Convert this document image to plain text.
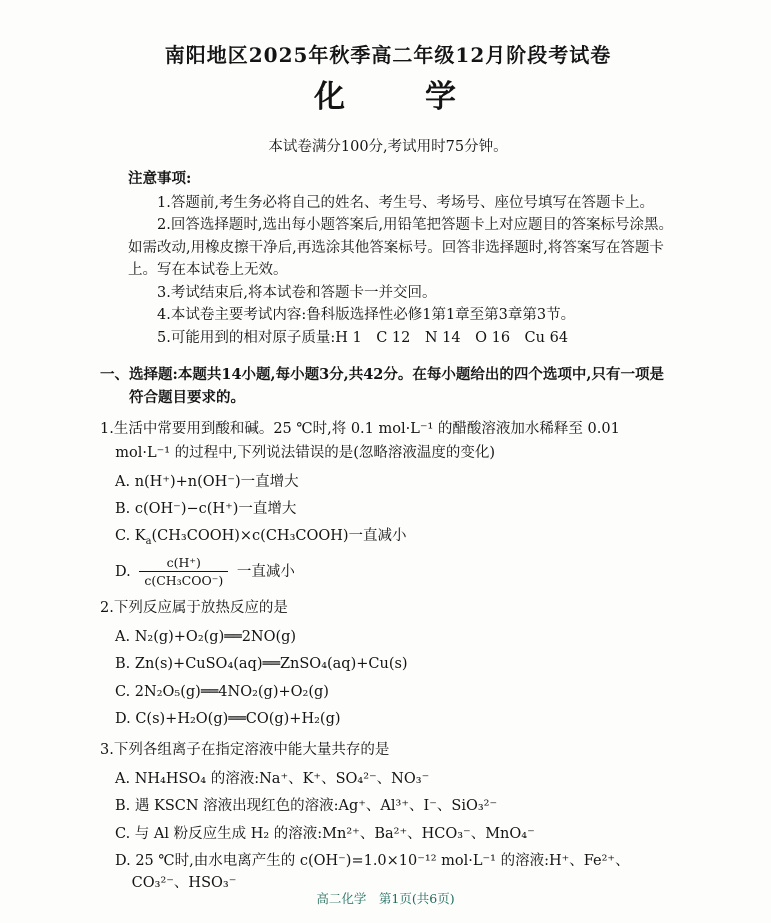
南阳地区2025年秋季高二年级12月阶段考试卷
化　　学

本试卷满分100分,考试用时75分钟。

注意事项:

1.答题前,考生务必将自己的姓名、考生号、考场号、座位号填写在答题卡上。

2.回答选择题时,选出每小题答案后,用铅笔把答题卡上对应题目的答案标号涂黑。如需改动,用橡皮擦干净后,再选涂其他答案标号。回答非选择题时,将答案写在答题卡上。写在本试卷上无效。

3.考试结束后,将本试卷和答题卡一并交回。

4.本试卷主要考试内容:鲁科版选择性必修1第1章至第3章第3节。

5.可能用到的相对原子质量:H 1　C 12　N 14　O 16　Cu 64

一、选择题:本题共14小题,每小题3分,共42分。在每小题给出的四个选项中,只有一项是符合题目要求的。

1.生活中常要用到酸和碱。25 ℃时,将 0.1 mol·L⁻¹ 的醋酸溶液加水稀释至 0.01 mol·L⁻¹ 的过程中,下列说法错误的是(忽略溶液温度的变化)

A. n(H⁺)+n(OH⁻)一直增大

B. c(OH⁻)−c(H⁺)一直增大

C. $K_a(CH_3COOH)\times c(CH_3COOH)$一直减小

D. $\frac{c(H^+)}{\text{c(CH₃COO⁻)}}$ 一直减小

2.下列反应属于放热反应的是

A. N₂(g)+O₂(g)══2NO(g)

B. Zn(s)+CuSO₄(aq)══ZnSO₄(aq)+Cu(s)

C. 2N₂O₅(g)══4NO₂(g)+O₂(g)

D. C(s)+H₂O(g)══CO(g)+H₂(g)

3.下列各组离子在指定溶液中能大量共存的是

A. NH₄HSO₄ 的溶液:Na⁺、K⁺、SO₄²⁻、NO₃⁻

B. 遇 KSCN 溶液出现红色的溶液:Ag⁺、Al³⁺、I⁻、SiO₃²⁻

C. 与 Al 粉反应生成 H₂ 的溶液:Mn²⁺、Ba²⁺、HCO₃⁻、MnO₄⁻

D. 25 ℃时,由水电离产生的 c(OH⁻)=1.0×10⁻¹² mol·L⁻¹ 的溶液:H⁺、Fe²⁺、CO₃²⁻、HSO₃⁻

高二化学　第1页(共6页)
